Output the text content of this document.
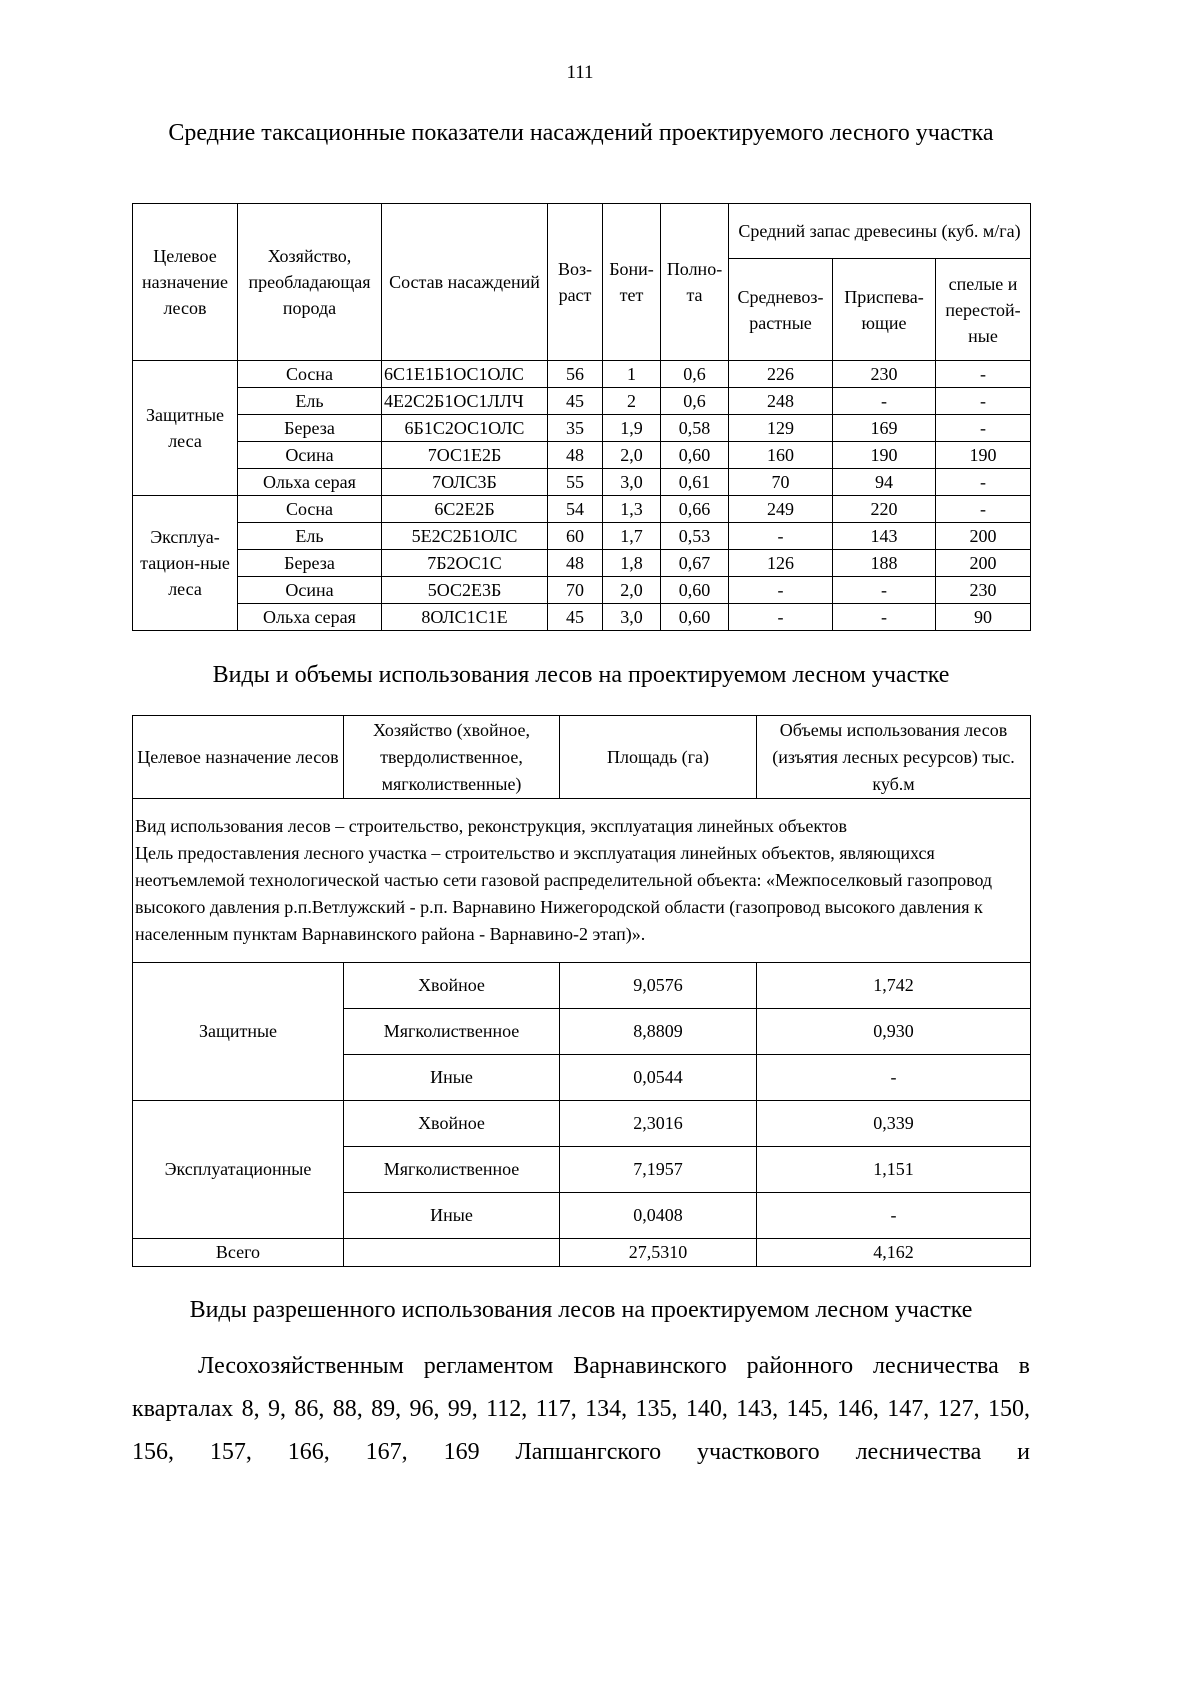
111
Средние таксационные показатели насаждений проектируемого лесного участка
Целевое назначение лесов	Хозяйство, преобладающая порода	Состав насаждений	Воз-раст	Бони-тет	Полно-та	Средний запас древесины (куб. м/га)		
						Средневоз-растные	Приспева-ющие	спелые и перестой-ные
Защитные леса	Сосна	6С1Е1Б1ОС1ОЛС	56	1	0,6	226	230	-
	Ель	4Е2С2Б1ОС1ЛЛЧ	45	2	0,6	248	-	-
	Береза	6Б1С2ОС1ОЛС	35	1,9	0,58	129	169	-
	Осина	7ОС1Е2Б	48	2,0	0,60	160	190	190
	Ольха серая	7ОЛС3Б	55	3,0	0,61	70	94	-
Эксплуа-тацион-ные леса	Сосна	6С2Е2Б	54	1,3	0,66	249	220	-
	Ель	5Е2С2Б1ОЛС	60	1,7	0,53	-	143	200
	Береза	7Б2ОС1С	48	1,8	0,67	126	188	200
	Осина	5ОС2Е3Б	70	2,0	0,60	-	-	230
	Ольха серая	8ОЛС1С1Е	45	3,0	0,60	-	-	90
Виды и объемы использования лесов на проектируемом лесном участке
Целевое назначение лесов	Хозяйство (хвойное, твердолиственное, мягколиственные)	Площадь (га)	Объемы использования лесов (изъятия лесных ресурсов) тыс. куб.м

Вид использования лесов – строительство, реконструкция, эксплуатация линейных объектов
Цель предоставления лесного участка – строительство и эксплуатация линейных объектов, являющихся неотъемлемой технологической частью сети газовой распределительной объекта: «Межпоселковый газопровод высокого давления р.п.Ветлужский - р.п. Варнавино Нижегородской области (газопровод высокого давления к населенным пунктам Варнавинского района - Варнавино-2 этап)».			

Защитные	Хвойное	9,0576	1,742
	Мягколиственное	8,8809	0,930
	Иные	0,0544	-
Эксплуатационные	Хвойное	2,3016	0,339
	Мягколиственное	7,1957	1,151
	Иные	0,0408	-
Всего		27,5310	4,162
Виды разрешенного использования лесов на проектируемом лесном участке

Лесохозяйственным регламентом Варнавинского районного лесничества в кварталах 8, 9, 86, 88, 89, 96, 99, 112, 117, 134, 135, 140, 143, 145, 146, 147, 127, 150, 156, 157, 166, 167, 169 Лапшангского участкового лесничества и
